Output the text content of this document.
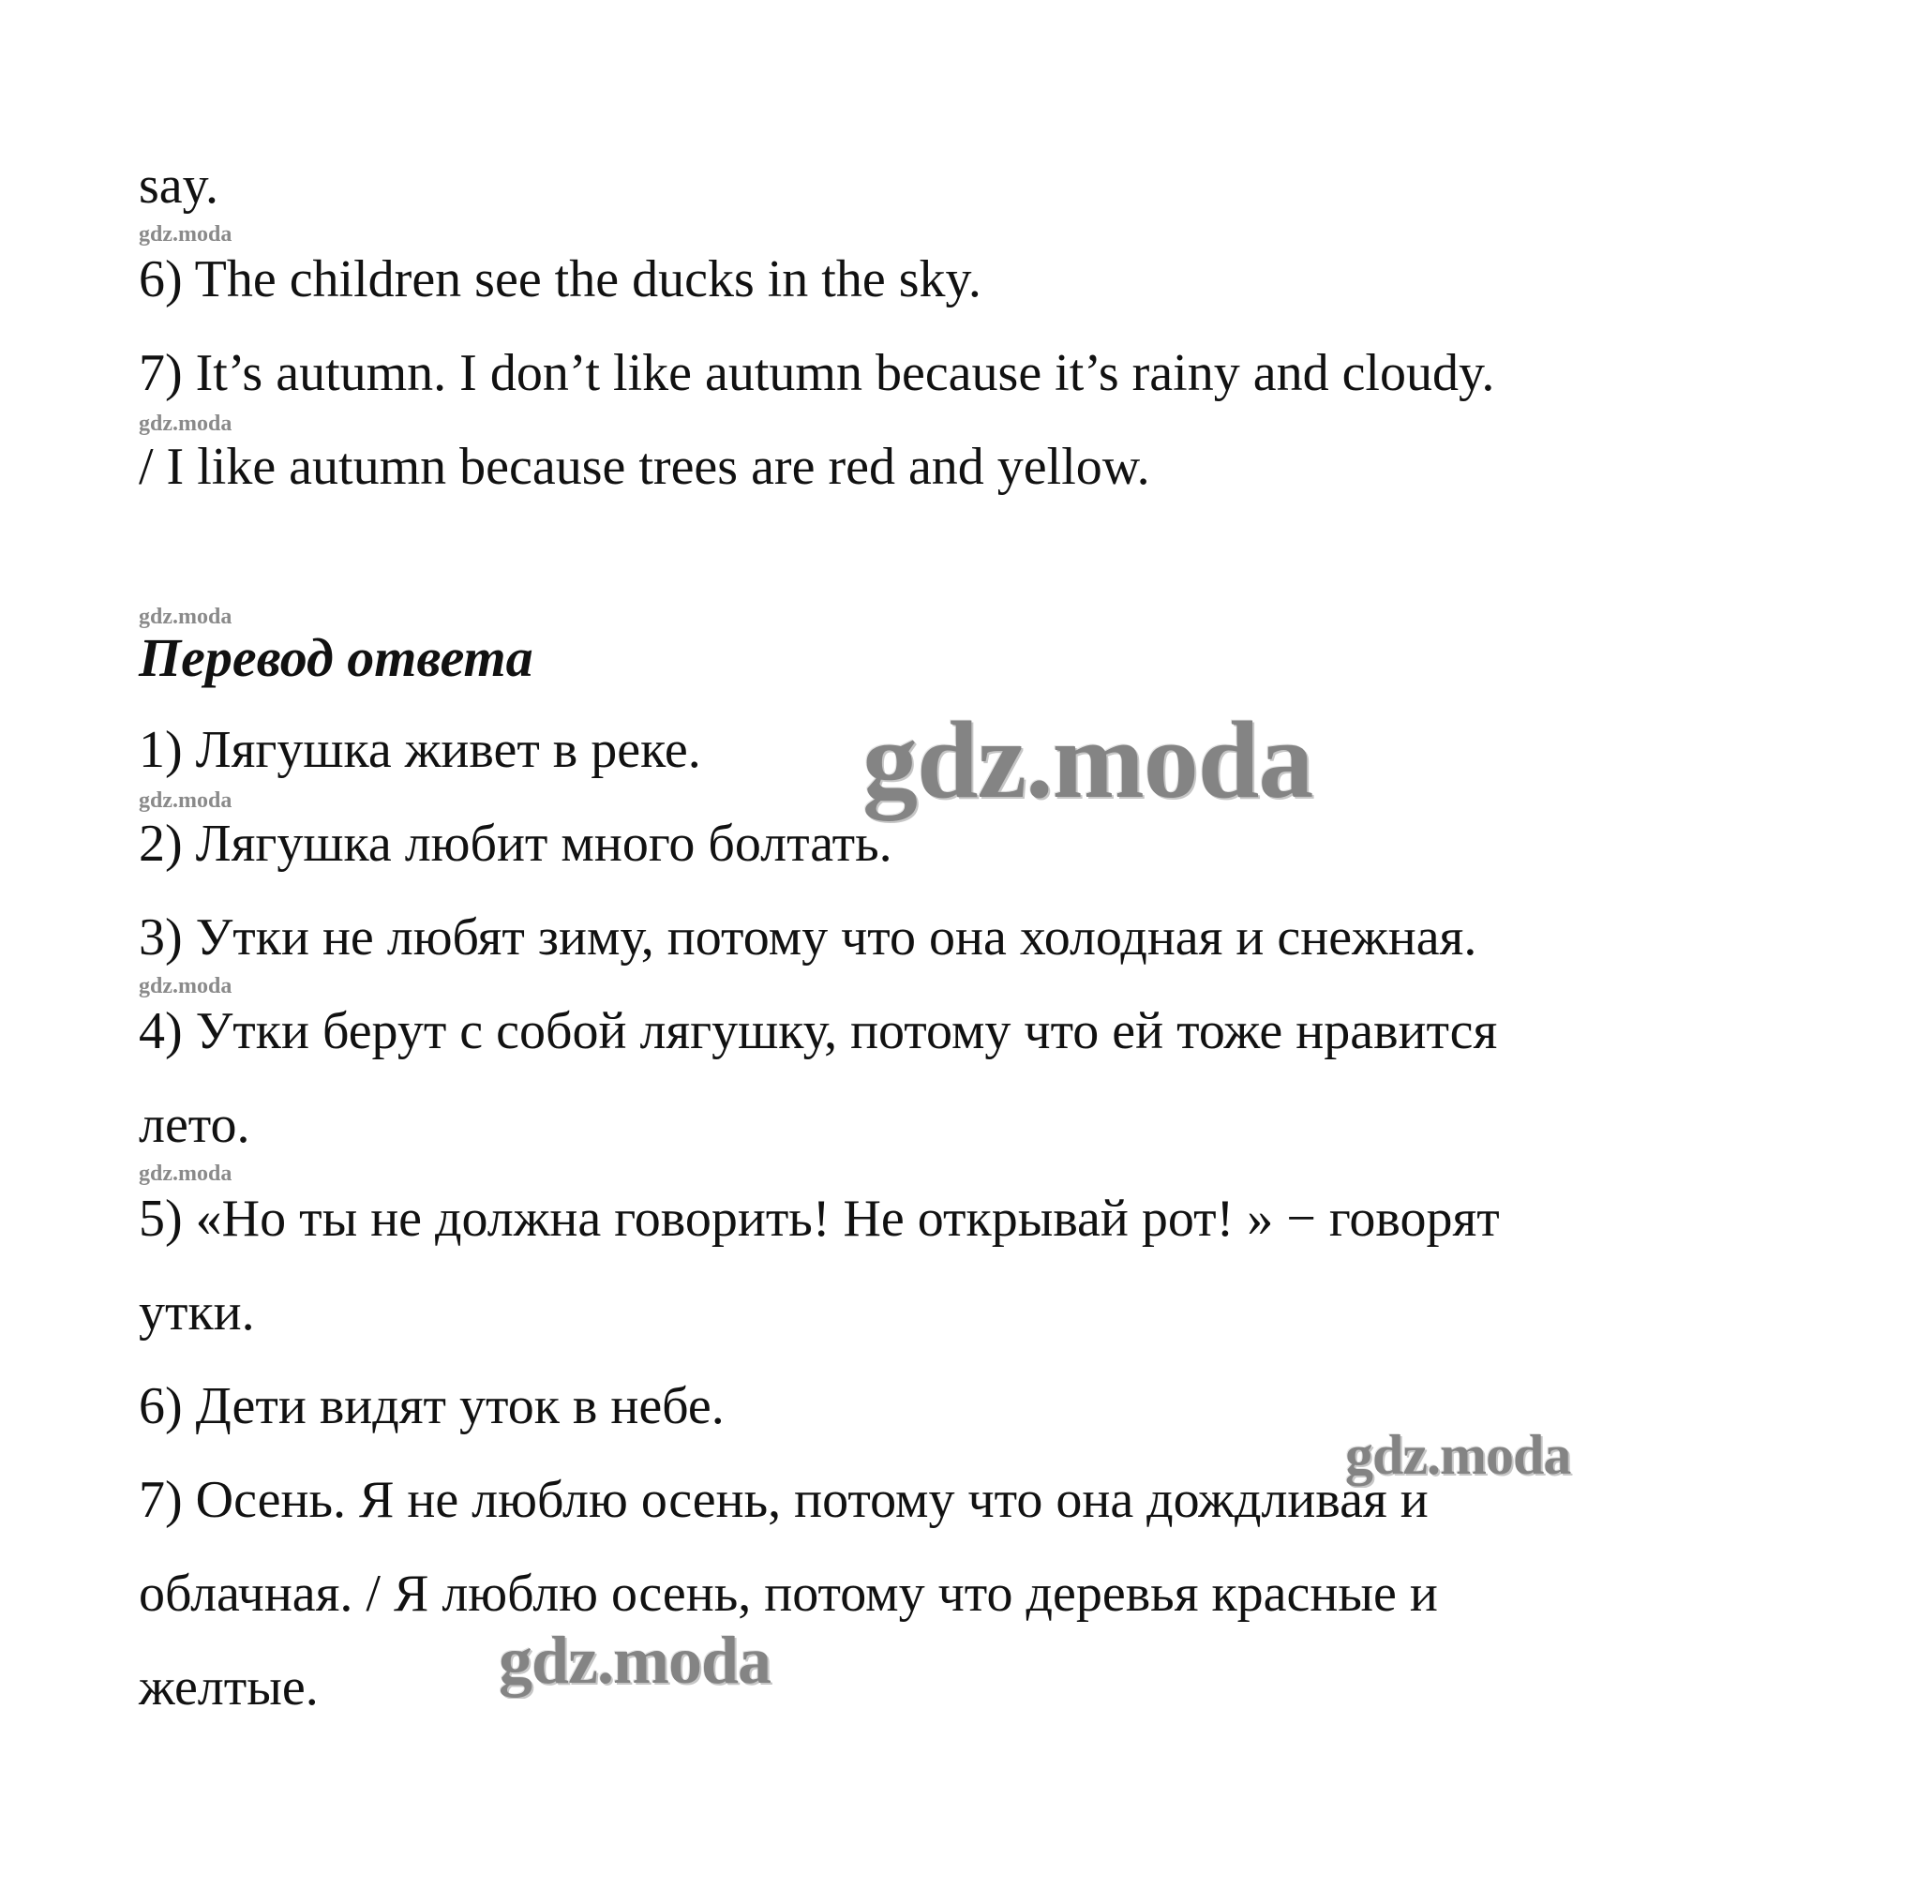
say.
gdz.moda
6) The children see the ducks in the sky.
7) It’s autumn. I don’t like autumn because it’s rainy and cloudy.
gdz.moda
/ I like autumn because trees are red and yellow.
gdz.moda
Перевод ответа
1) Лягушка живет в реке.
gdz.moda
2) Лягушка любит много болтать.
3) Утки не любят зиму, потому что она холодная и снежная.
gdz.moda
4) Утки берут с собой лягушку, потому что ей тоже нравится
лето.
gdz.moda
5) «Но ты не должна говорить! Не открывай рот! » − говорят
утки.
6) Дети видят уток в небе.
7) Осень. Я не люблю осень, потому что она дождливая и
облачная. / Я люблю осень, потому что деревья красные и
желтые.
gdz.moda
gdz.moda
gdz.moda
